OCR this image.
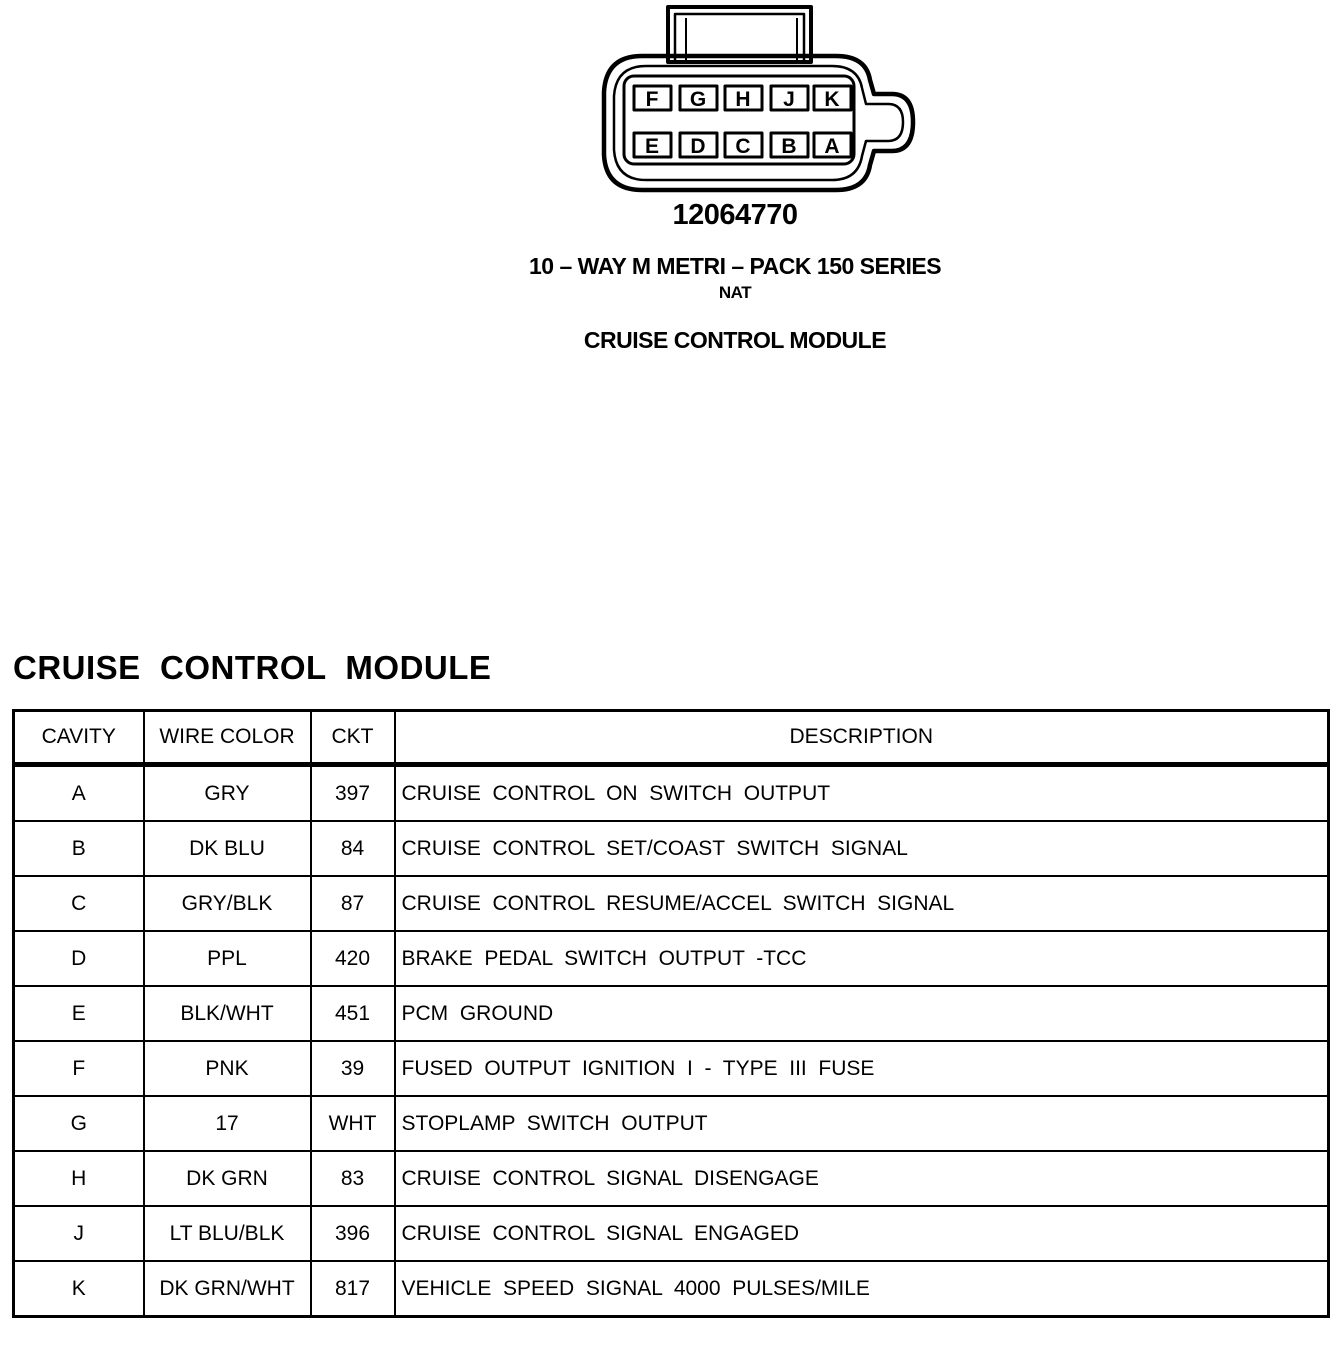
F G H J K
E D C B A
12064770
10 – WAY M METRI – PACK 150 SERIES
NAT
CRUISE CONTROL MODULE
CRUISE  CONTROL  MODULE
CAVITY	WIRE COLOR	CKT	DESCRIPTION
A	GRY	397	CRUISE  CONTROL  ON  SWITCH  OUTPUT
B	DK BLU	84	CRUISE  CONTROL  SET/COAST  SWITCH  SIGNAL
C	GRY/BLK	87	CRUISE  CONTROL  RESUME/ACCEL  SWITCH  SIGNAL
D	PPL	420	BRAKE  PEDAL  SWITCH  OUTPUT  -TCC
E	BLK/WHT	451	PCM  GROUND
F	PNK	39	FUSED  OUTPUT  IGNITION  I  -  TYPE  III  FUSE
G	17	WHT	STOPLAMP  SWITCH  OUTPUT
H	DK GRN	83	CRUISE  CONTROL  SIGNAL  DISENGAGE
J	LT BLU/BLK	396	CRUISE  CONTROL  SIGNAL  ENGAGED
K	DK GRN/WHT	817	VEHICLE  SPEED  SIGNAL  4000  PULSES/MILE
